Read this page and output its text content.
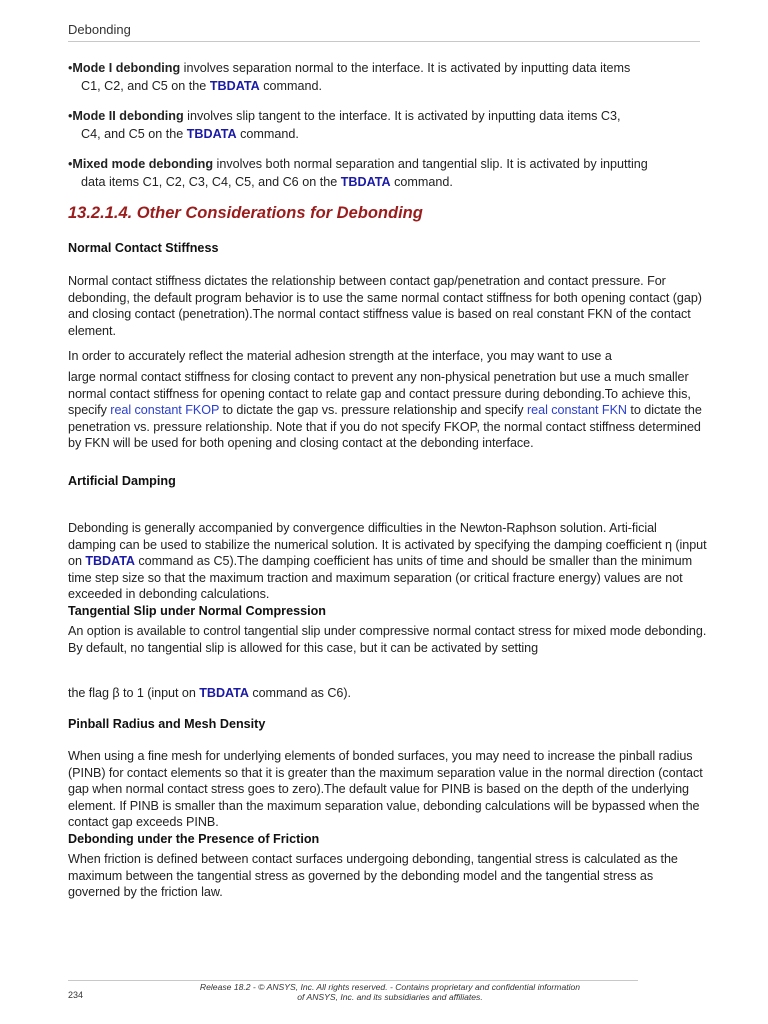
Debonding
•Mode I debonding involves separation normal to the interface. It is activated by inputting data items
C1, C2, and C5 on the TBDATA command.
•Mode II debonding involves slip tangent to the interface. It is activated by inputting data items C3,
C4, and C5 on the TBDATA command.
•Mixed mode debonding involves both normal separation and tangential slip. It is activated by inputting
data items C1, C2, C3, C4, C5, and C6 on the TBDATA command.
13.2.1.4. Other Considerations for Debonding
Normal Contact Stiffness
Normal contact stiffness dictates the relationship between contact gap/penetration and contact pressure. For debonding, the default program behavior is to use the same normal contact stiffness for both opening contact (gap) and closing contact (penetration).The normal contact stiffness value is based on real constant FKN of the contact element.
In order to accurately reflect the material adhesion strength at the interface, you may want to use a
large normal contact stiffness for closing contact to prevent any non-physical penetration but use a much smaller normal contact stiffness for opening contact to relate gap and contact pressure during debonding.To achieve this, specify real constant FKOP to dictate the gap vs. pressure relationship and specify real constant FKN to dictate the penetration vs. pressure relationship. Note that if you do not specify FKOP, the normal contact stiffness determined by FKN will be used for both opening and closing contact at the debonding interface.
Artificial Damping
Debonding is generally accompanied by convergence difficulties in the Newton-Raphson solution. Arti-ficial damping can be used to stabilize the numerical solution. It is activated by specifying the damping coefficient η (input on TBDATA command as C5).The damping coefficient has units of time and should be smaller than the minimum time step size so that the maximum traction and maximum separation (or critical fracture energy) values are not exceeded in debonding calculations.
Tangential Slip under Normal Compression
An option is available to control tangential slip under compressive normal contact stress for mixed mode debonding. By default, no tangential slip is allowed for this case, but it can be activated by setting
the flag β to 1 (input on TBDATA command as C6).
Pinball Radius and Mesh Density
When using a fine mesh for underlying elements of bonded surfaces, you may need to increase the pinball radius (PINB) for contact elements so that it is greater than the maximum separation value in the normal direction (contact gap when normal contact stress goes to zero).The default value for PINB is based on the depth of the underlying element. If PINB is smaller than the maximum separation value, debonding calculations will be bypassed when the contact gap exceeds PINB.
Debonding under the Presence of Friction
When friction is defined between contact surfaces undergoing debonding, tangential stress is calculated as the maximum between the tangential stress as governed by the debonding model and the tangential stress as governed by the friction law.
234
Release 18.2 - © ANSYS, Inc. All rights reserved. - Contains proprietary and confidential information
of ANSYS, Inc. and its subsidiaries and affiliates.
